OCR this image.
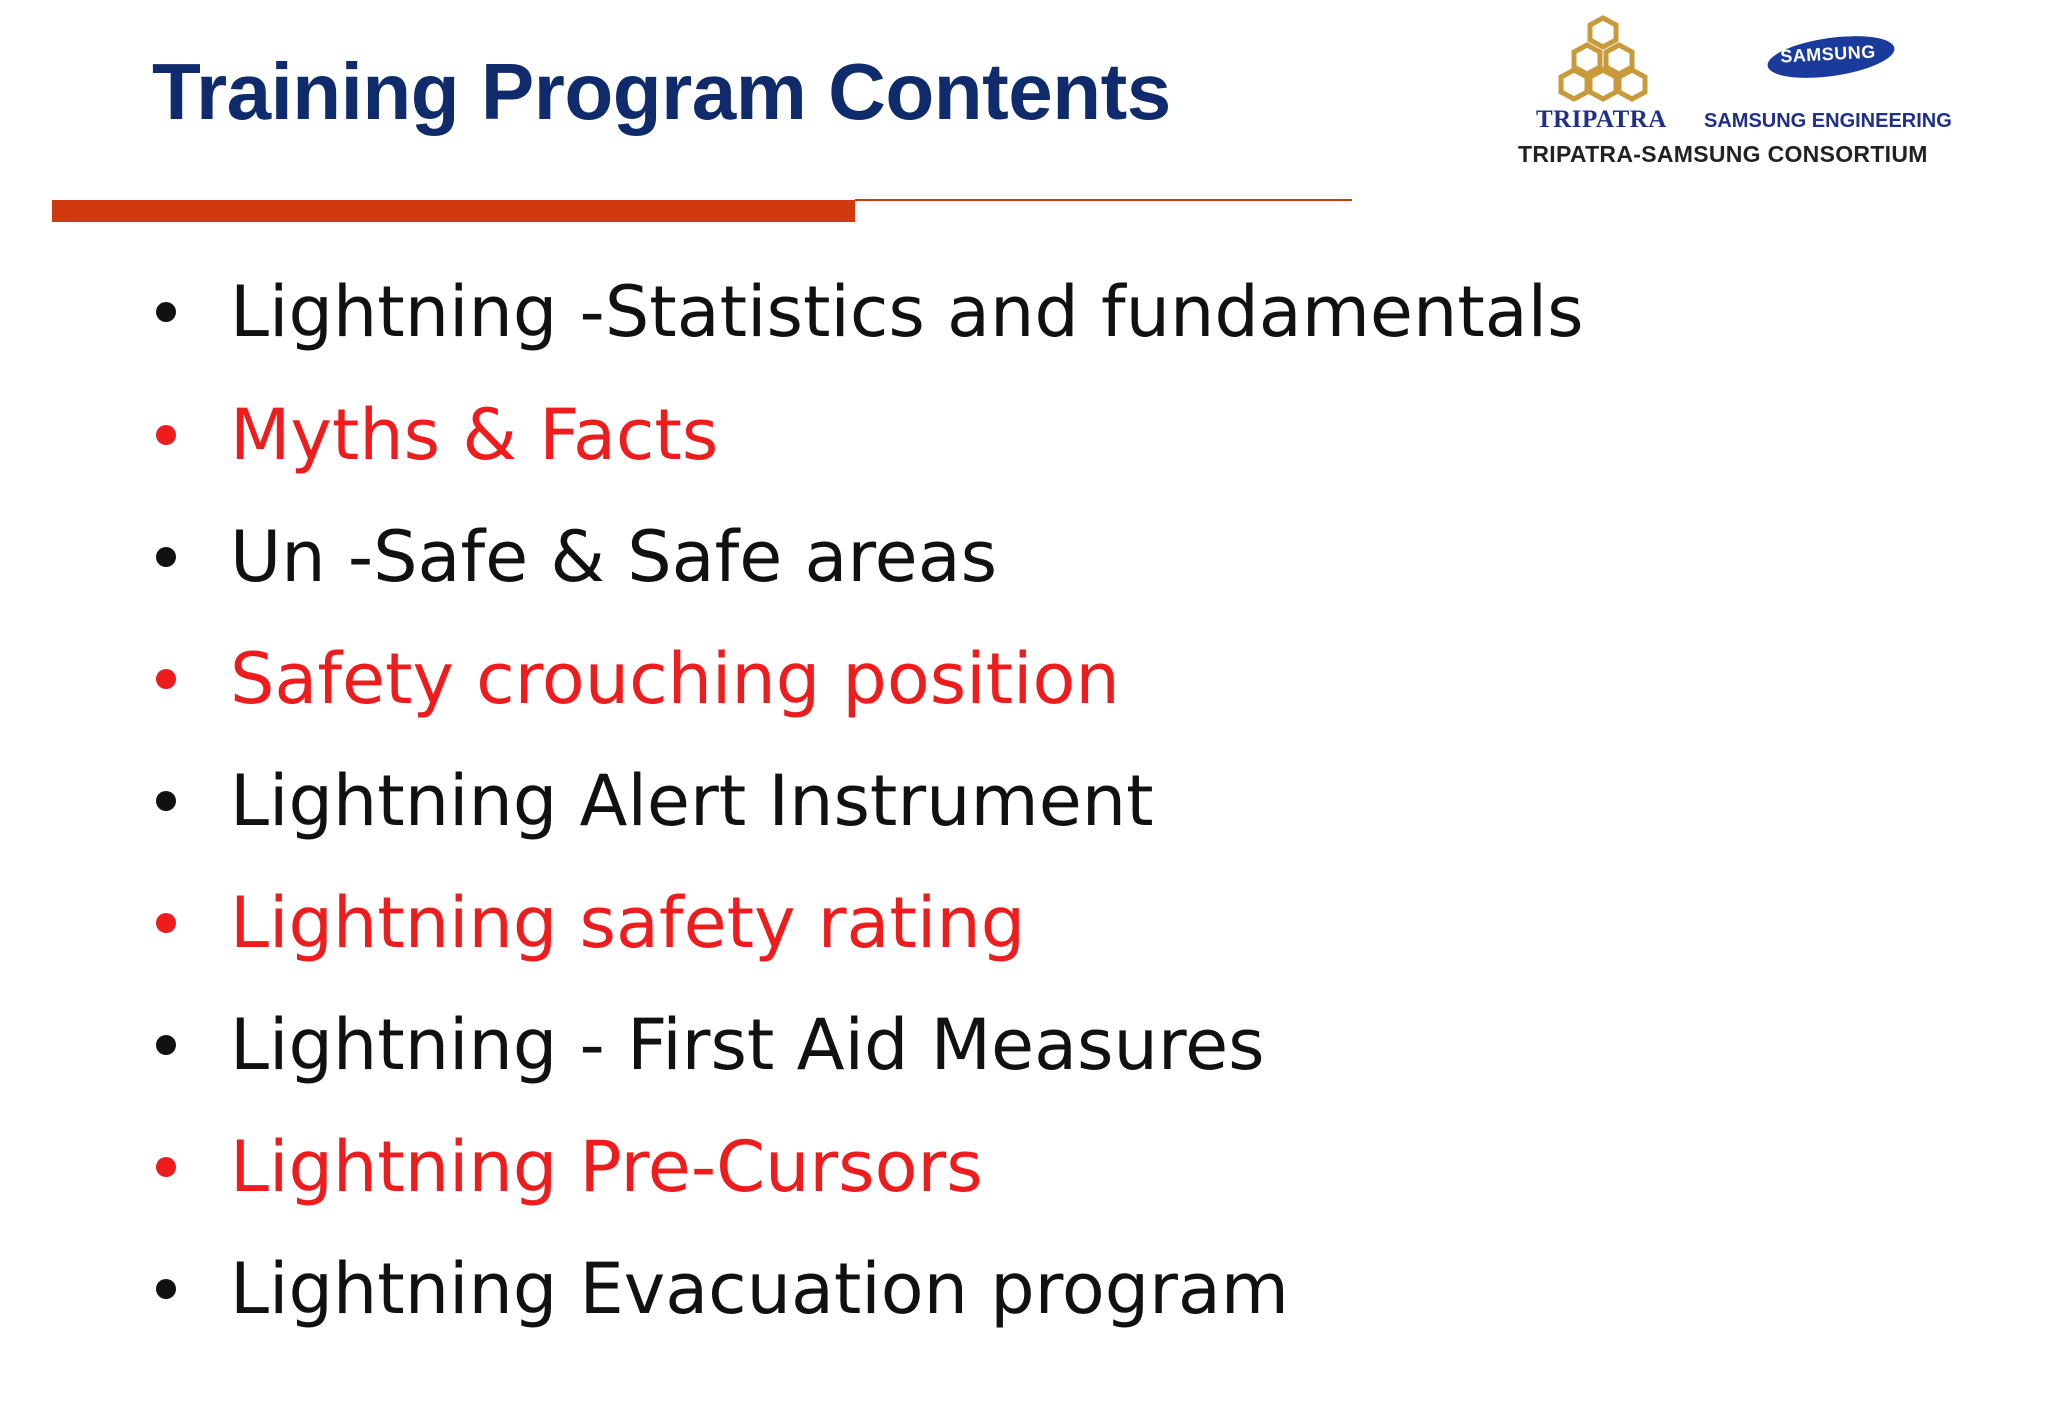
Training Program Contents	TRIPATRA
SAMSUNG
SAMSUNG ENGINEERING
TRIPATRA-SAMSUNG CONSORTIUM
Lightning -Statistics and fundamentals
Myths & Facts
Un -Safe & Safe areas
Safety crouching position
Lightning Alert Instrument
Lightning safety rating
Lightning - First Aid Measures
Lightning Pre-Cursors
Lightning Evacuation program
